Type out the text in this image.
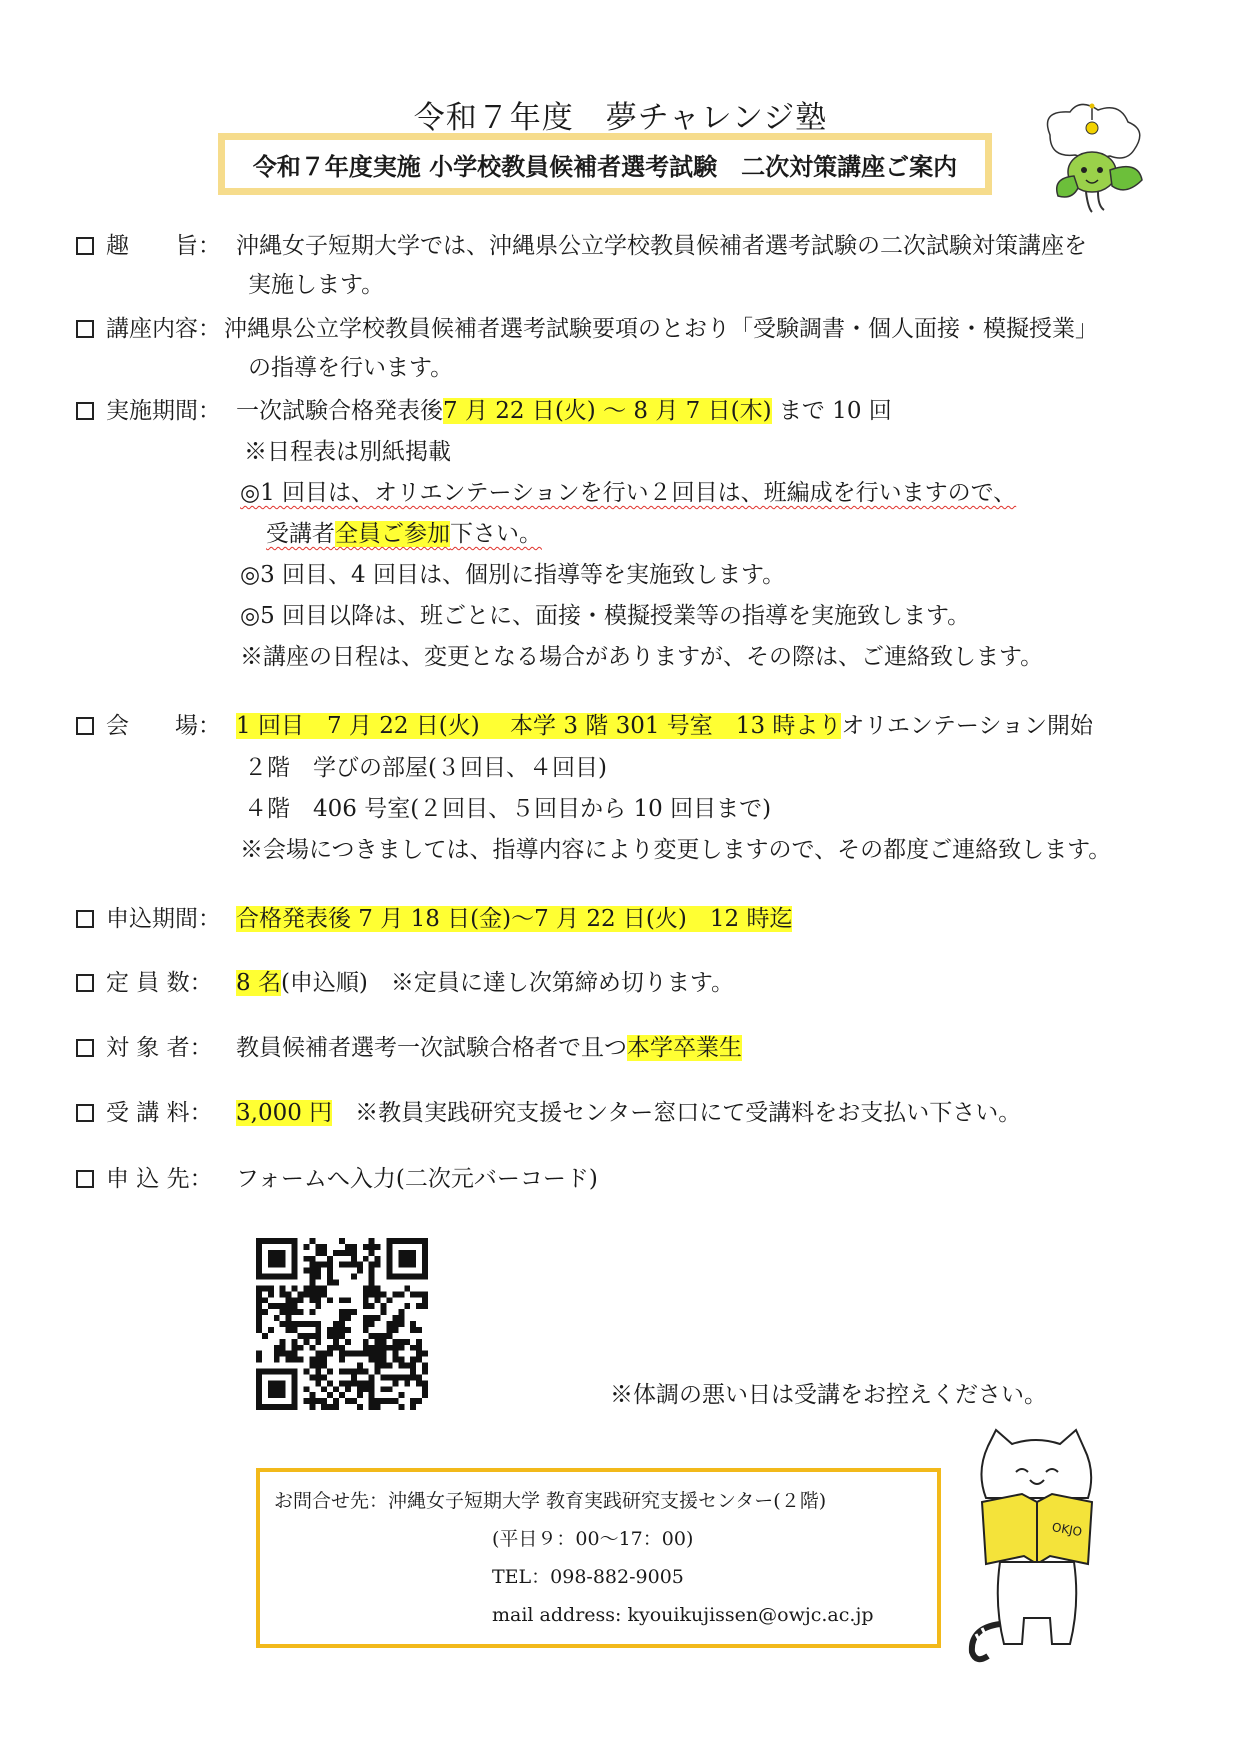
令和７年度　夢チャレンジ塾
令和７年度実施 小学校教員候補者選考試験　二次対策講座ご案内
趣　　旨： 沖縄女子短期大学では、沖縄県公立学校教員候補者選考試験の二次試験対策講座を
実施します。
講座内容： 沖縄県公立学校教員候補者選考試験要項のとおり「受験調書・個人面接・模擬授業」
の指導を行います。
実施期間： 一次試験合格発表後7 月 22 日(火) ～ 8 月 7 日(木) まで 10 回
※日程表は別紙掲載
◎1 回目は、オリエンテーションを行い２回目は、班編成を行いますので、
受講者全員ご参加下さい。
◎3 回目、4 回目は、個別に指導等を実施致します。
◎5 回目以降は、班ごとに、面接・模擬授業等の指導を実施致します。
※講座の日程は、変更となる場合がありますが、その際は、ご連絡致します。
会　　場： 1 回目　7 月 22 日(火)　 本学 3 階 301 号室　13 時よりオリエンテーション開始
２階　学びの部屋(３回目、４回目)
４階　406 号室(２回目、５回目から 10 回目まで)
※会場につきましては、指導内容により変更しますので、その都度ご連絡致します。
申込期間： 合格発表後 7 月 18 日(金)～7 月 22 日(火)　12 時迄
定 員 数：	8 名(申込順)　※定員に達し次第締め切ります。
対 象 者：	教員候補者選考一次試験合格者で且つ本学卒業生
受 講 料：	3,000 円　※教員実践研究支援センター窓口にて受講料をお支払い下さい。
申 込 先：	フォームへ入力(二次元バーコード)
※体調の悪い日は受講をお控えください。
お問合せ先：沖縄女子短期大学 教育実践研究支援センター(２階)
(平日９：00～17：00)
TEL：098-882-9005
mail address: kyouikujissen@owjc.ac.jp
OKJO
